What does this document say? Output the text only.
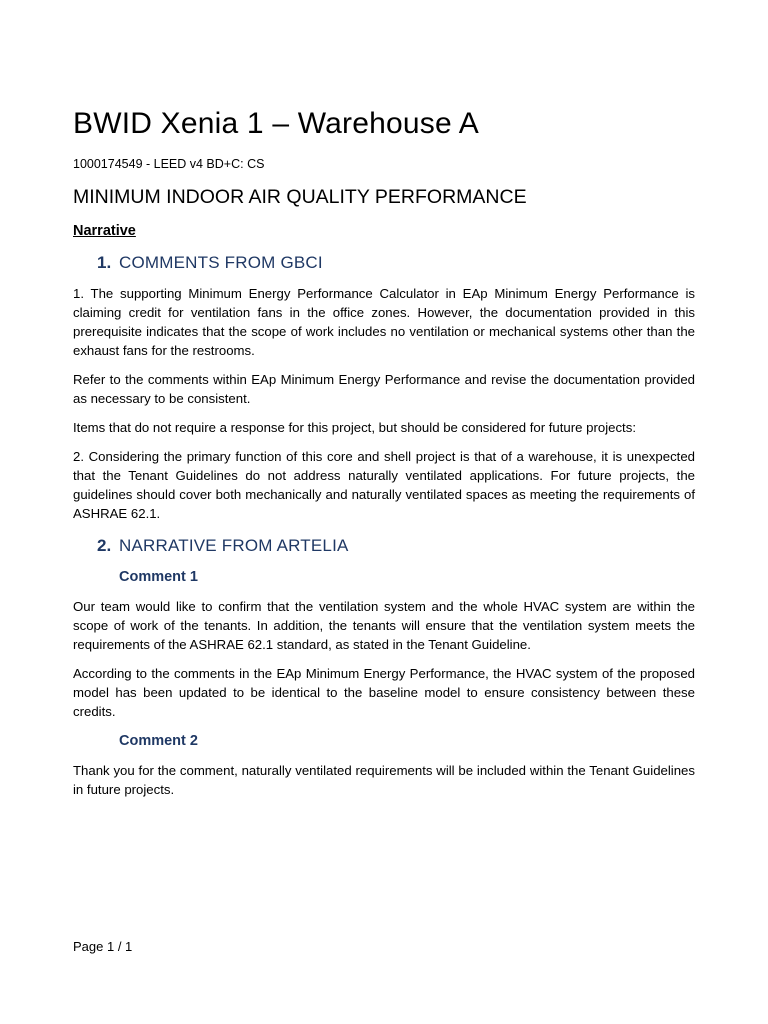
BWID Xenia 1 – Warehouse A
1000174549 - LEED v4 BD+C: CS
MINIMUM INDOOR AIR QUALITY PERFORMANCE
Narrative
1. COMMENTS FROM GBCI

1. The supporting Minimum Energy Performance Calculator in EAp Minimum Energy Performance is claiming credit for ventilation fans in the office zones. However, the documentation provided in this prerequisite indicates that the scope of work includes no ventilation or mechanical systems other than the exhaust fans for the restrooms.

Refer to the comments within EAp Minimum Energy Performance and revise the documentation provided as necessary to be consistent.

Items that do not require a response for this project, but should be considered for future projects:

2. Considering the primary function of this core and shell project is that of a warehouse, it is unexpected that the Tenant Guidelines do not address naturally ventilated applications. For future projects, the guidelines should cover both mechanically and naturally ventilated spaces as meeting the requirements of ASHRAE 62.1.

2. NARRATIVE FROM ARTELIA
Comment 1

Our team would like to confirm that the ventilation system and the whole HVAC system are within the scope of work of the tenants. In addition, the tenants will ensure that the ventilation system meets the requirements of the ASHRAE 62.1 standard, as stated in the Tenant Guideline.

According to the comments in the EAp Minimum Energy Performance, the HVAC system of the proposed model has been updated to be identical to the baseline model to ensure consistency between these credits.

Comment 2

Thank you for the comment, naturally ventilated requirements will be included within the Tenant Guidelines in future projects.

Page 1 / 1
